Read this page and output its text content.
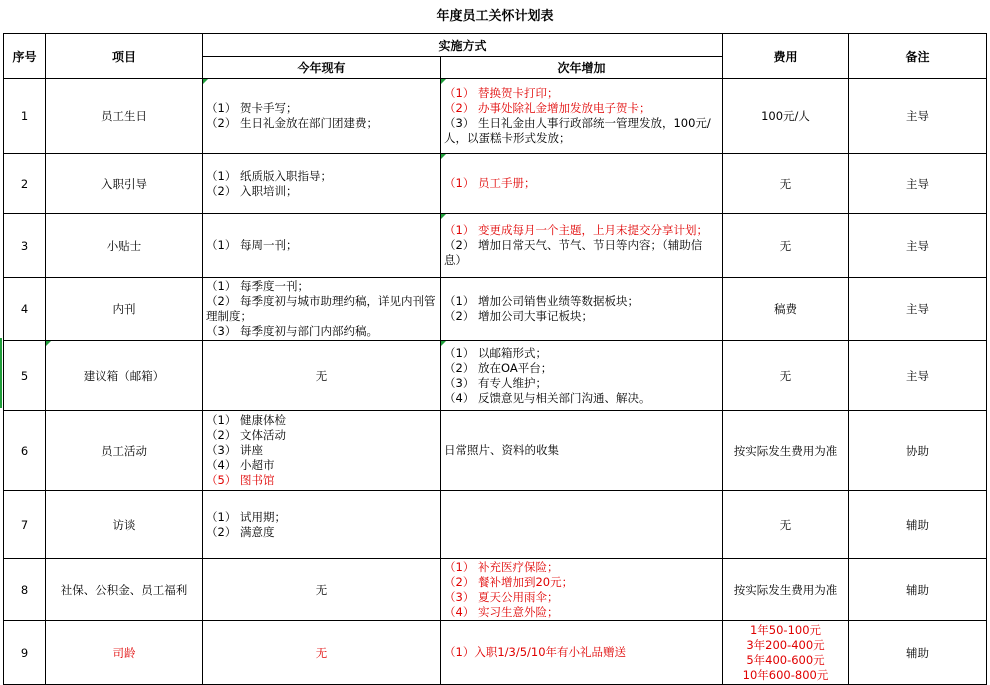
年度员工关怀计划表
序号	项目	实施方式		费用	备注
		今年现有	次年增加		
1	员工生日	（1） 贺卡手写；
（2） 生日礼金放在部门团建费；	（1） 替换贺卡打印；
（2） 办事处除礼金增加发放电子贺卡；
（3） 生日礼金由人事行政部统一管理发放，100元/人，以蛋糕卡形式发放；	100元/人	主导
2	入职引导	（1） 纸质版入职指导；
（2） 入职培训；	（1） 员工手册；	无	主导
3	小贴士	（1） 每周一刊；	（1） 变更成每月一个主题，上月末提交分享计划；
（2） 增加日常天气、节气、节日等内容；（辅助信息）	无	主导
4	内刊	（1） 每季度一刊；
（2） 每季度初与城市助理约稿，详见内刊管理制度；
（3） 每季度初与部门内部约稿。	（1） 增加公司销售业绩等数据板块；
（2） 增加公司大事记板块；	稿费	主导
5	建议箱（邮箱）	无	（1） 以邮箱形式；
（2） 放在OA平台；
（3） 有专人维护；
（4） 反馈意见与相关部门沟通、解决。	无	主导
6	员工活动	（1） 健康体检
（2） 文体活动
（3） 讲座
（4） 小超市
（5） 图书馆	日常照片、资料的收集	按实际发生费用为准	协助
7	访谈	（1） 试用期；
（2） 满意度		无	辅助
8	社保、公积金、员工福利	无	（1） 补充医疗保险；
（2） 餐补增加到20元；
（3） 夏天公用雨伞；
（4） 实习生意外险；	按实际发生费用为准	辅助
9	司龄	无	（1）入职1/3/5/10年有小礼品赠送	1年50-100元
3年200-400元
5年400-600元
10年600-800元	辅助
